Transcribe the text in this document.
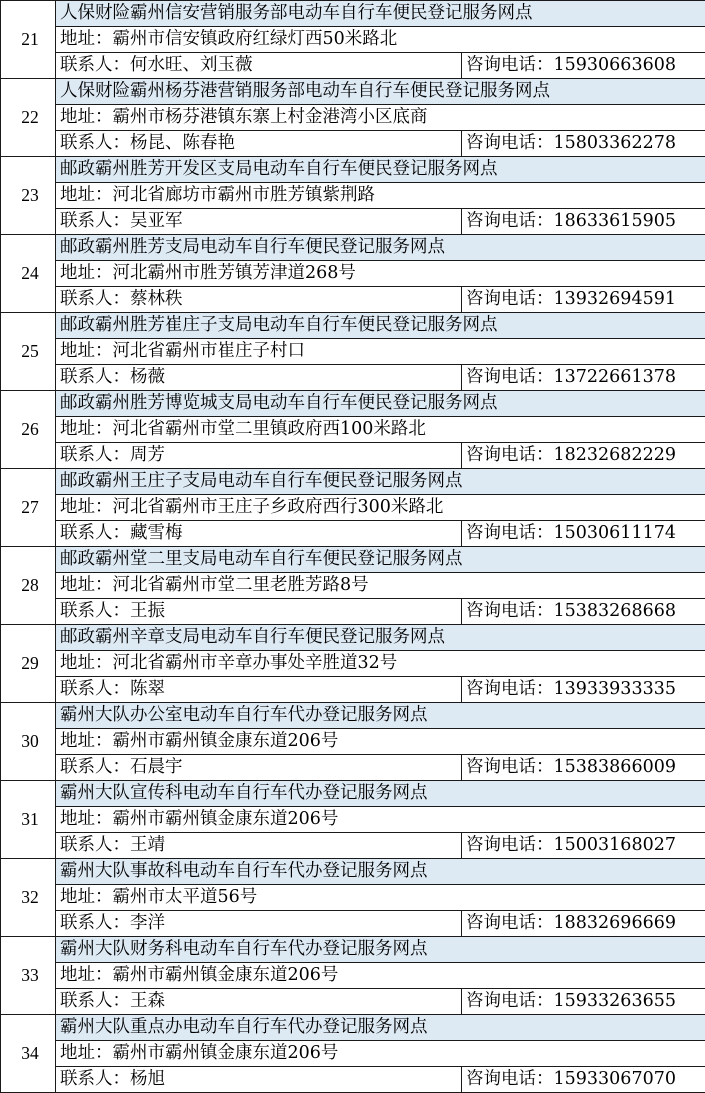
21	人保财险霸州信安营销服务部电动车自行车便民登记服务网点	
	地址：霸州市信安镇政府红绿灯西50米路北	
	联系人：何水旺、刘玉薇	咨询电话：15930663608
22	人保财险霸州杨芬港营销服务部电动车自行车便民登记服务网点	
	地址：霸州市杨芬港镇东寨上村金港湾小区底商	
	联系人：杨昆、陈春艳	咨询电话：15803362278
23	邮政霸州胜芳开发区支局电动车自行车便民登记服务网点	
	地址：河北省廊坊市霸州市胜芳镇紫荆路	
	联系人：吴亚军	咨询电话：18633615905
24	邮政霸州胜芳支局电动车自行车便民登记服务网点	
	地址：河北霸州市胜芳镇芳津道268号	
	联系人：蔡林秩	咨询电话：13932694591
25	邮政霸州胜芳崔庄子支局电动车自行车便民登记服务网点	
	地址：河北省霸州市崔庄子村口	
	联系人：杨薇	咨询电话：13722661378
26	邮政霸州胜芳博览城支局电动车自行车便民登记服务网点	
	地址：河北省霸州市堂二里镇政府西100米路北	
	联系人：周芳	咨询电话：18232682229
27	邮政霸州王庄子支局电动车自行车便民登记服务网点	
	地址：河北省霸州市王庄子乡政府西行300米路北	
	联系人：藏雪梅	咨询电话：15030611174
28	邮政霸州堂二里支局电动车自行车便民登记服务网点	
	地址：河北省霸州市堂二里老胜芳路8号	
	联系人：王振	咨询电话：15383268668
29	邮政霸州辛章支局电动车自行车便民登记服务网点	
	地址：河北省霸州市辛章办事处辛胜道32号	
	联系人：陈翠	咨询电话：13933933335
30	霸州大队办公室电动车自行车代办登记服务网点	
	地址：霸州市霸州镇金康东道206号	
	联系人：石晨宇	咨询电话：15383866009
31	霸州大队宣传科电动车自行车代办登记服务网点	
	地址：霸州市霸州镇金康东道206号	
	联系人：王靖	咨询电话：15003168027
32	霸州大队事故科电动车自行车代办登记服务网点	
	地址：霸州市太平道56号	
	联系人：李洋	咨询电话：18832696669
33	霸州大队财务科电动车自行车代办登记服务网点	
	地址：霸州市霸州镇金康东道206号	
	联系人：王森	咨询电话：15933263655
34	霸州大队重点办电动车自行车代办登记服务网点	
	地址：霸州市霸州镇金康东道206号	
	联系人：杨旭	咨询电话：15933067070
